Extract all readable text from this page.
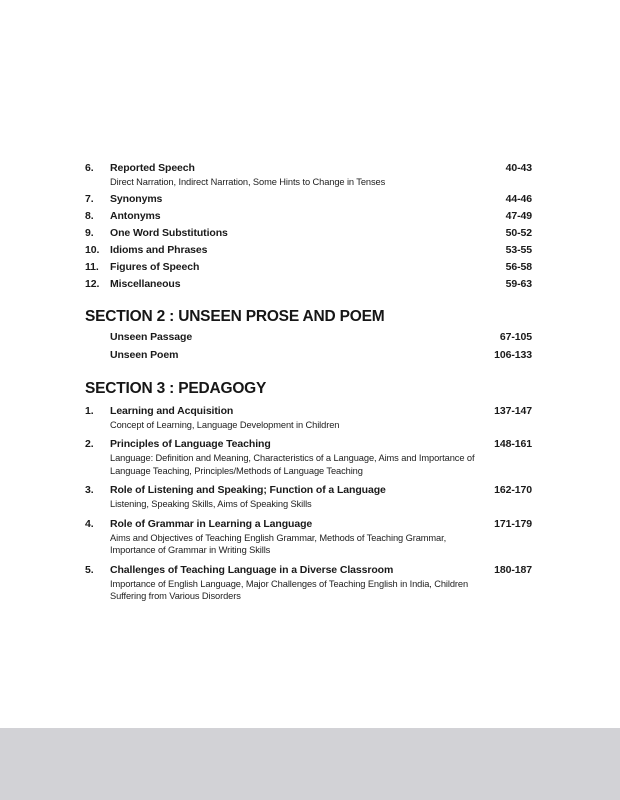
6.	Reported Speech	40-43
Direct Narration, Indirect Narration, Some Hints to Change in Tenses
7.	Synonyms	44-46
8.	Antonyms	47-49
9.	One Word Substitutions	50-52
10.	Idioms and Phrases	53-55
11.	Figures of Speech	56-58
12.	Miscellaneous	59-63
SECTION 2 : UNSEEN PROSE AND POEM
Unseen Passage	67-105
Unseen Poem	106-133
SECTION 3 : PEDAGOGY
1.	Learning and Acquisition	137-147
Concept of Learning, Language Development in Children
2.	Principles of Language Teaching	148-161
Language: Definition and Meaning, Characteristics of a Language, Aims and Importance of Language Teaching, Principles/Methods of Language Teaching
3.	Role of Listening and Speaking; Function of a Language	162-170
Listening, Speaking Skills, Aims of Speaking Skills
4.	Role of Grammar in Learning a Language	171-179
Aims and Objectives of Teaching English Grammar, Methods of Teaching Grammar, Importance of Grammar in Writing Skills
5.	Challenges of Teaching Language in a Diverse Classroom	180-187
Importance of English Language, Major Challenges of Teaching English in India, Children Suffering from Various Disorders
